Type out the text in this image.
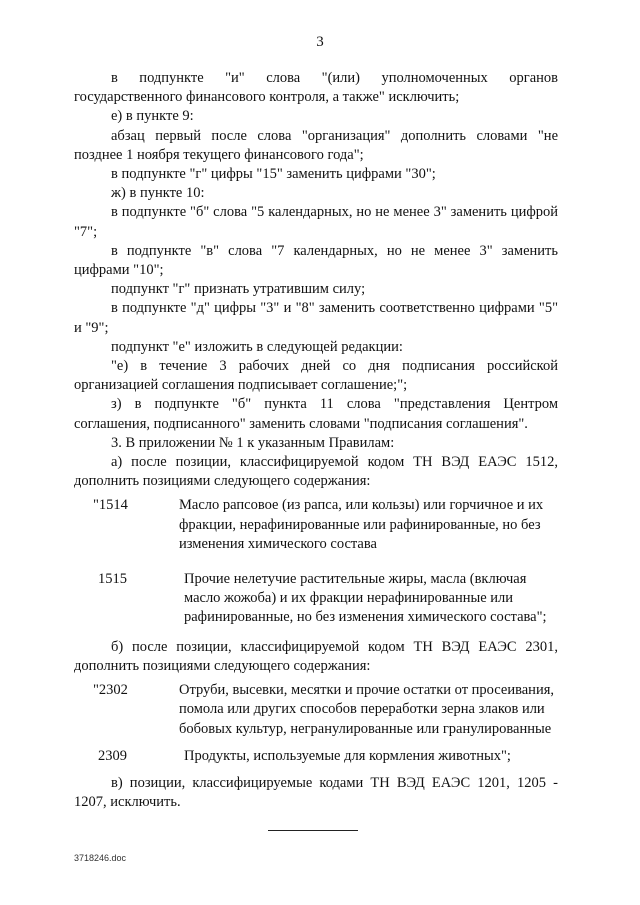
3

в подпункте "и" слова "(или) уполномоченных органов государственного финансового контроля, а также" исключить;

е) в пункте 9:

абзац первый после слова "организация" дополнить словами "не позднее 1 ноября текущего финансового года";

в подпункте "г" цифры "15" заменить цифрами "30";

ж) в пункте 10:

в подпункте "б" слова "5 календарных, но не менее 3" заменить цифрой "7";

в подпункте "в" слова "7 календарных, но не менее 3" заменить цифрами "10";

подпункт "г" признать утратившим силу;

в подпункте "д" цифры "3" и "8" заменить соответственно цифрами "5" и "9";

подпункт "е" изложить в следующей редакции:

"е) в течение 3 рабочих дней со дня подписания российской организацией соглашения подписывает соглашение;";

з) в подпункте "б" пункта 11 слова "представления Центром соглашения, подписанного" заменить словами "подписания соглашения".

3. В приложении № 1 к указанным Правилам:

а) после позиции, классифицируемой кодом ТН ВЭД ЕАЭС 1512, дополнить позициями следующего содержания:

"1514	Масло рапсовое (из рапса, или кользы) или горчичное и их фракции, нерафинированные или рафинированные, но без изменения химического состава
1515	Прочие нелетучие растительные жиры, масла (включая масло жожоба) и их фракции нерафинированные или рафинированные, но без изменения химического состава";

б) после позиции, классифицируемой кодом ТН ВЭД ЕАЭС 2301, дополнить позициями следующего содержания:

"2302	Отруби, высевки, месятки и прочие остатки от просеивания, помола или других способов переработки зерна злаков или бобовых культур, негранулированные или гранулированные
2309	Продукты, используемые для кормления животных";

в) позиции, классифицируемые кодами ТН ВЭД ЕАЭС 1201, 1205 - 1207, исключить.

3718246.doc
